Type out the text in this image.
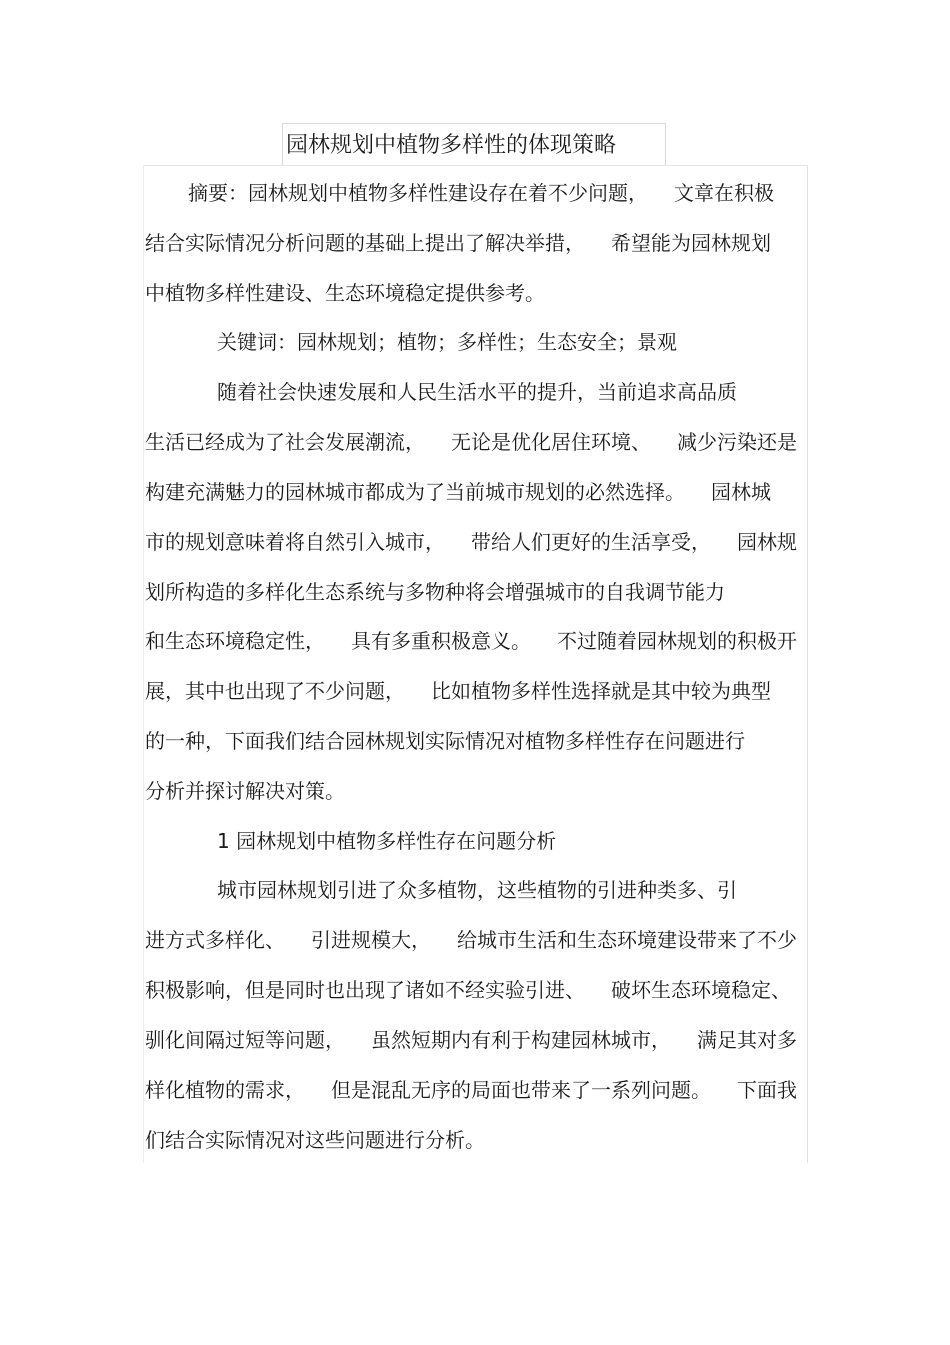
园林规划中植物多样性的体现策略
摘要：园林规划中植物多样性建设存在着不少问题， 文章在积极
结合实际情况分析问题的基础上提出了解决举措， 希望能为园林规划
中植物多样性建设、生态环境稳定提供参考。
关键词：园林规划；植物；多样性；生态安全；景观
随着社会快速发展和人民生活水平的提升，当前追求高品质
生活已经成为了社会发展潮流， 无论是优化居住环境、 减少污染还是
构建充满魅力的园林城市都成为了当前城市规划的必然选择。 园林城
市的规划意味着将自然引入城市， 带给人们更好的生活享受， 园林规
划所构造的多样化生态系统与多物种将会增强城市的自我调节能力
和生态环境稳定性， 具有多重积极意义。 不过随着园林规划的积极开
展，其中也出现了不少问题， 比如植物多样性选择就是其中较为典型
的一种，下面我们结合园林规划实际情况对植物多样性存在问题进行
分析并探讨解决对策。
1 园林规划中植物多样性存在问题分析
城市园林规划引进了众多植物，这些植物的引进种类多、引
进方式多样化、 引进规模大， 给城市生活和生态环境建设带来了不少
积极影响，但是同时也出现了诸如不经实验引进、 破坏生态环境稳定、
驯化间隔过短等问题， 虽然短期内有利于构建园林城市， 满足其对多
样化植物的需求， 但是混乱无序的局面也带来了一系列问题。 下面我
们结合实际情况对这些问题进行分析。
